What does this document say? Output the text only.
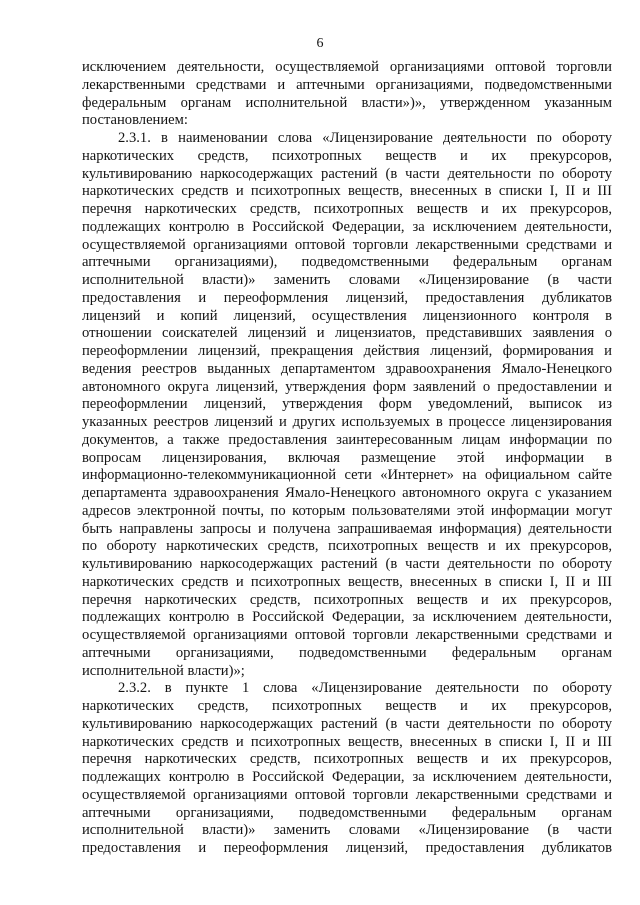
6
исключением деятельности, осуществляемой организациями оптовой торговли
лекарственными средствами и аптечными организациями, подведомственными
федеральным органам исполнительной власти»)», утвержденном указанным
постановлением:
2.3.1. в наименовании слова «Лицензирование деятельности по обороту
наркотических средств, психотропных веществ и их прекурсоров,
культивированию наркосодержащих растений (в части деятельности по обороту
наркотических средств и психотропных веществ, внесенных в списки I, II и III
перечня наркотических средств, психотропных веществ и их прекурсоров,
подлежащих контролю в Российской Федерации, за исключением деятельности,
осуществляемой организациями оптовой торговли лекарственными средствами и
аптечными организациями), подведомственными федеральным органам
исполнительной власти)» заменить словами «Лицензирование (в части
предоставления и переоформления лицензий, предоставления дубликатов
лицензий и копий лицензий, осуществления лицензионного контроля в
отношении соискателей лицензий и лицензиатов, представивших заявления о
переоформлении лицензий, прекращения действия лицензий, формирования и
ведения реестров выданных департаментом здравоохранения Ямало-Ненецкого
автономного округа лицензий, утверждения форм заявлений о предоставлении и
переоформлении лицензий, утверждения форм уведомлений, выписок из
указанных реестров лицензий и других используемых в процессе лицензирования
документов, а также предоставления заинтересованным лицам информации по
вопросам лицензирования, включая размещение этой информации в
информационно-телекоммуникационной сети «Интернет» на официальном сайте
департамента здравоохранения Ямало-Ненецкого автономного округа с указанием
адресов электронной почты, по которым пользователями этой информации могут
быть направлены запросы и получена запрашиваемая информация) деятельности
по обороту наркотических средств, психотропных веществ и их прекурсоров,
культивированию наркосодержащих растений (в части деятельности по обороту
наркотических средств и психотропных веществ, внесенных в списки I, II и III
перечня наркотических средств, психотропных веществ и их прекурсоров,
подлежащих контролю в Российской Федерации, за исключением деятельности,
осуществляемой организациями оптовой торговли лекарственными средствами и
аптечными организациями, подведомственными федеральным органам
исполнительной власти)»;
2.3.2. в пункте 1 слова «Лицензирование деятельности по обороту
наркотических средств, психотропных веществ и их прекурсоров,
культивированию наркосодержащих растений (в части деятельности по обороту
наркотических средств и психотропных веществ, внесенных в списки I, II и III
перечня наркотических средств, психотропных веществ и их прекурсоров,
подлежащих контролю в Российской Федерации, за исключением деятельности,
осуществляемой организациями оптовой торговли лекарственными средствами и
аптечными организациями, подведомственными федеральным органам
исполнительной власти)» заменить словами «Лицензирование (в части
предоставления и переоформления лицензий, предоставления дубликатов
